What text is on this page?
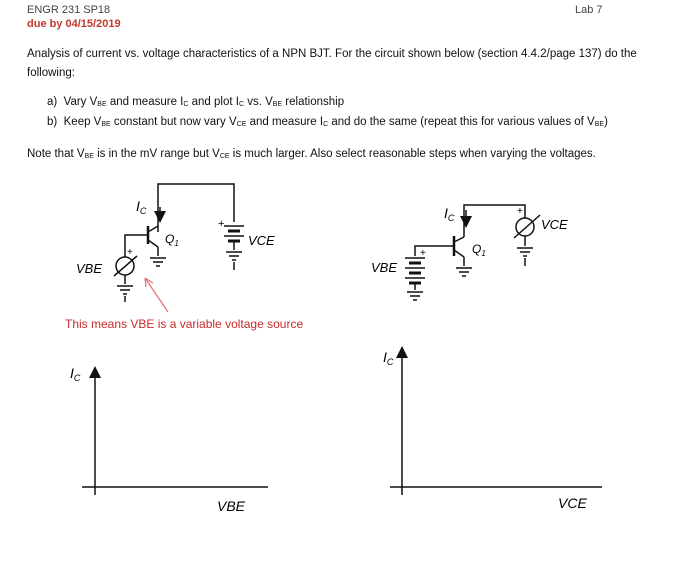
ENGR 231 SP18	Lab 7
due by 04/15/2019
Analysis of current vs. voltage characteristics of a NPN BJT. For the circuit shown below (section 4.4.2/page 137) do the following:
a) Vary $V_{BE}$ and measure $I_C$ and plot $I_C$ vs. $V_{BE}$ relationship
b) Keep $V_{BE}$ constant but now vary $V_{CE}$ and measure $I_C$ and do the same (repeat this for various values of $V_{BE}$)
Note that $V_{BE}$ is in the mV range but $V_{CE}$ is much larger. Also select reasonable steps when varying the voltages.
$I_C$
$Q_1$
+
VCE
VBE
+
$I_C$
$Q_1$
+
VCE
VBE
+
$I_C$
VBE
$I_C$
VCE
This means VBE is a variable voltage source
